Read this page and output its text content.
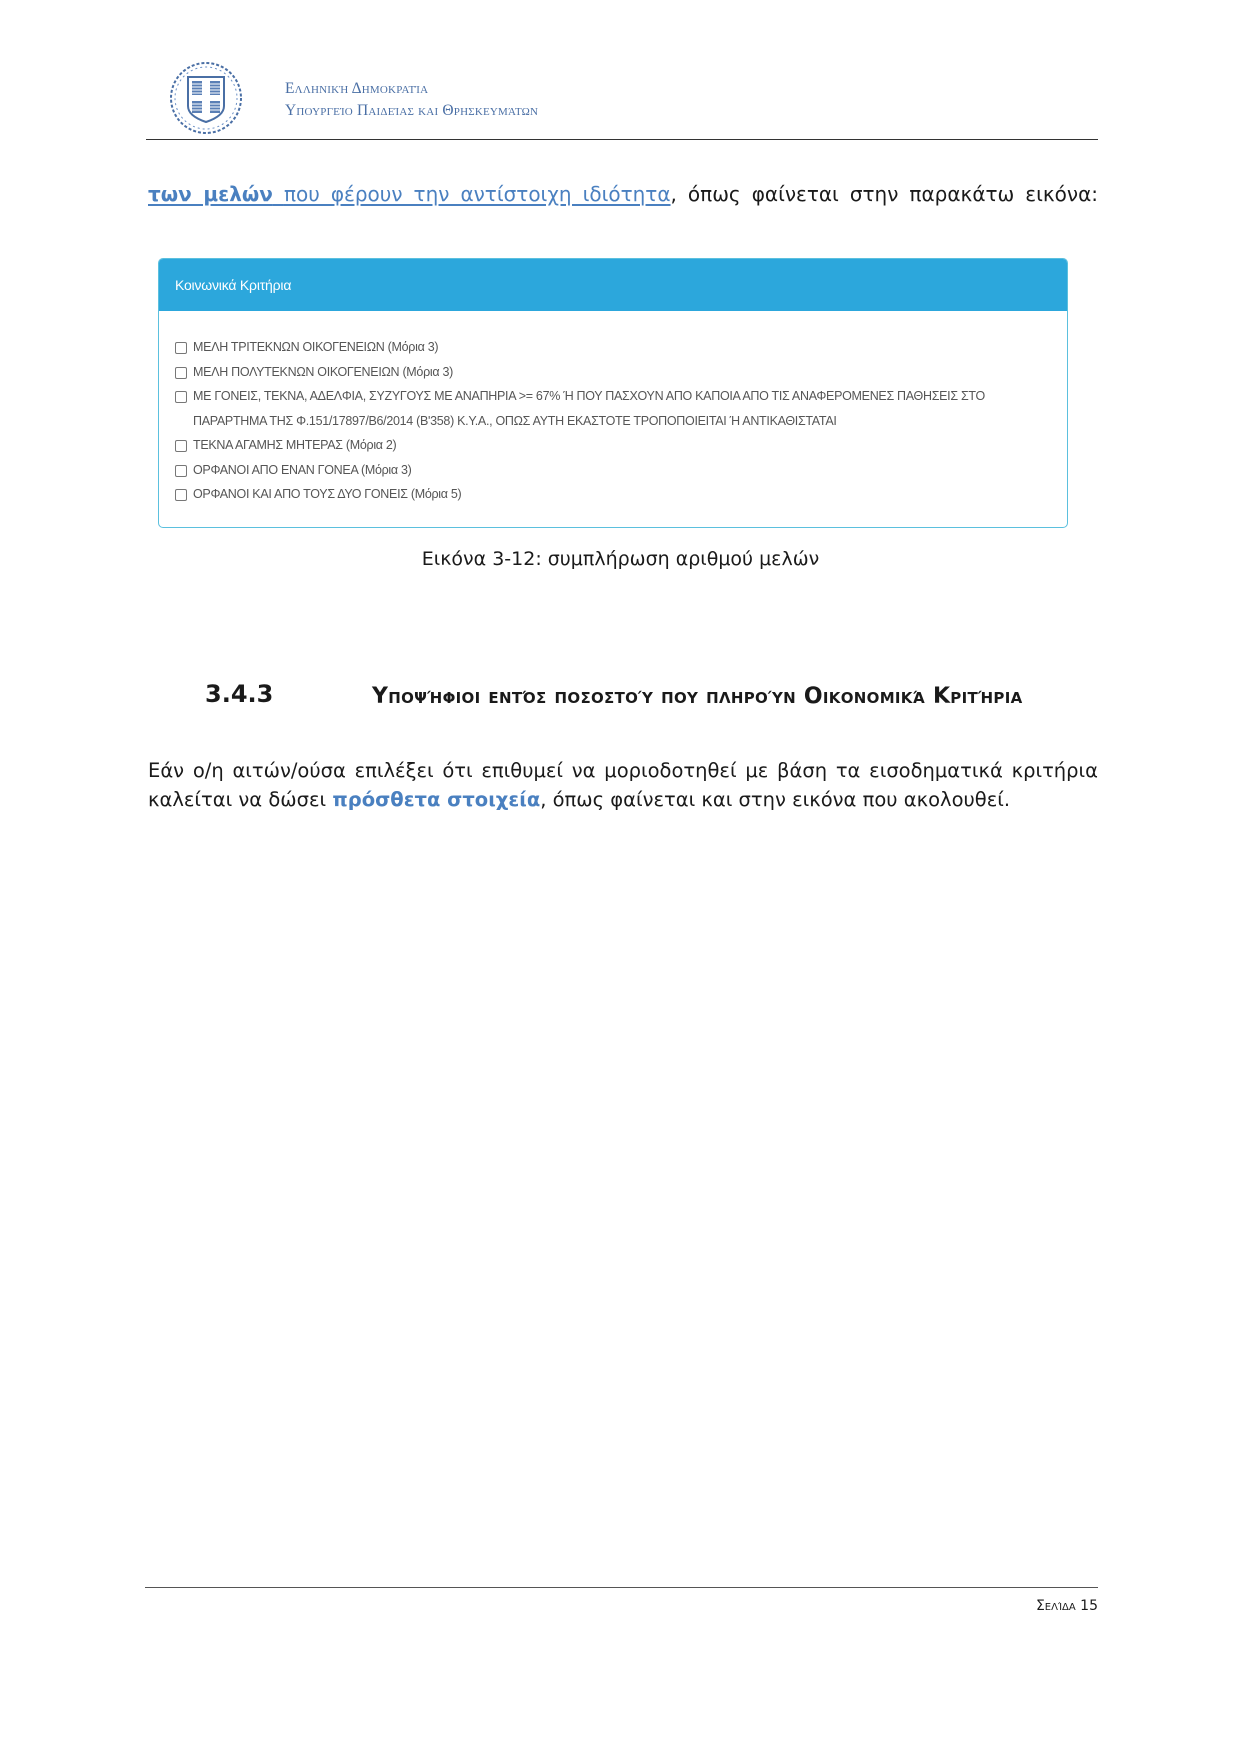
Ελληνική Δημοκρατία
Υπουργείο Παιδείας και Θρησκευμάτων
των μελών που φέρουν την αντίστοιχη ιδιότητα, όπως φαίνεται στην παρακάτω εικόνα:
Κοινωνικά Κριτήρια
ΜΕΛΗ ΤΡΙΤΕΚΝΩΝ ΟΙΚΟΓΕΝΕΙΩΝ (Μόρια 3)
ΜΕΛΗ ΠΟΛΥΤΕΚΝΩΝ ΟΙΚΟΓΕΝΕΙΩΝ (Μόρια 3)
ΜΕ ΓΟΝΕΙΣ, ΤΕΚΝΑ, ΑΔΕΛΦΙΑ, ΣΥΖΥΓΟΥΣ ΜΕ ΑΝΑΠΗΡΙΑ >= 67% Ή ΠΟΥ ΠΑΣΧΟΥΝ ΑΠΟ ΚΑΠΟΙΑ ΑΠΟ ΤΙΣ ΑΝΑΦΕΡΟΜΕΝΕΣ ΠΑΘΗΣΕΙΣ ΣΤΟ ΠΑΡΑΡΤΗΜΑ ΤΗΣ Φ.151/17897/Β6/2014 (Β'358) Κ.Υ.Α., ΟΠΩΣ ΑΥΤΗ ΕΚΑΣΤΟΤΕ ΤΡΟΠΟΠΟΙΕΙΤΑΙ Ή ΑΝΤΙΚΑΘΙΣΤΑΤΑΙ
ΤΕΚΝΑ ΑΓΑΜΗΣ ΜΗΤΕΡΑΣ (Μόρια 2)
ΟΡΦΑΝΟΙ ΑΠΟ ΕΝΑΝ ΓΟΝΕΑ (Μόρια 3)
ΟΡΦΑΝΟΙ ΚΑΙ ΑΠΟ ΤΟΥΣ ΔΥΟ ΓΟΝΕΙΣ (Μόρια 5)
Εικόνα 3-12: συμπλήρωση αριθμού μελών
3.4.3	Υποψήφιοι εντός ποσοστού που πληρούν Οικονομικά Κριτήρια
Εάν ο/η αιτών/ούσα επιλέξει ότι επιθυμεί να μοριοδοτηθεί με βάση τα εισοδηματικά κριτήρια καλείται να δώσει πρόσθετα στοιχεία, όπως φαίνεται και στην εικόνα που ακολουθεί.
Σελίδα 15
